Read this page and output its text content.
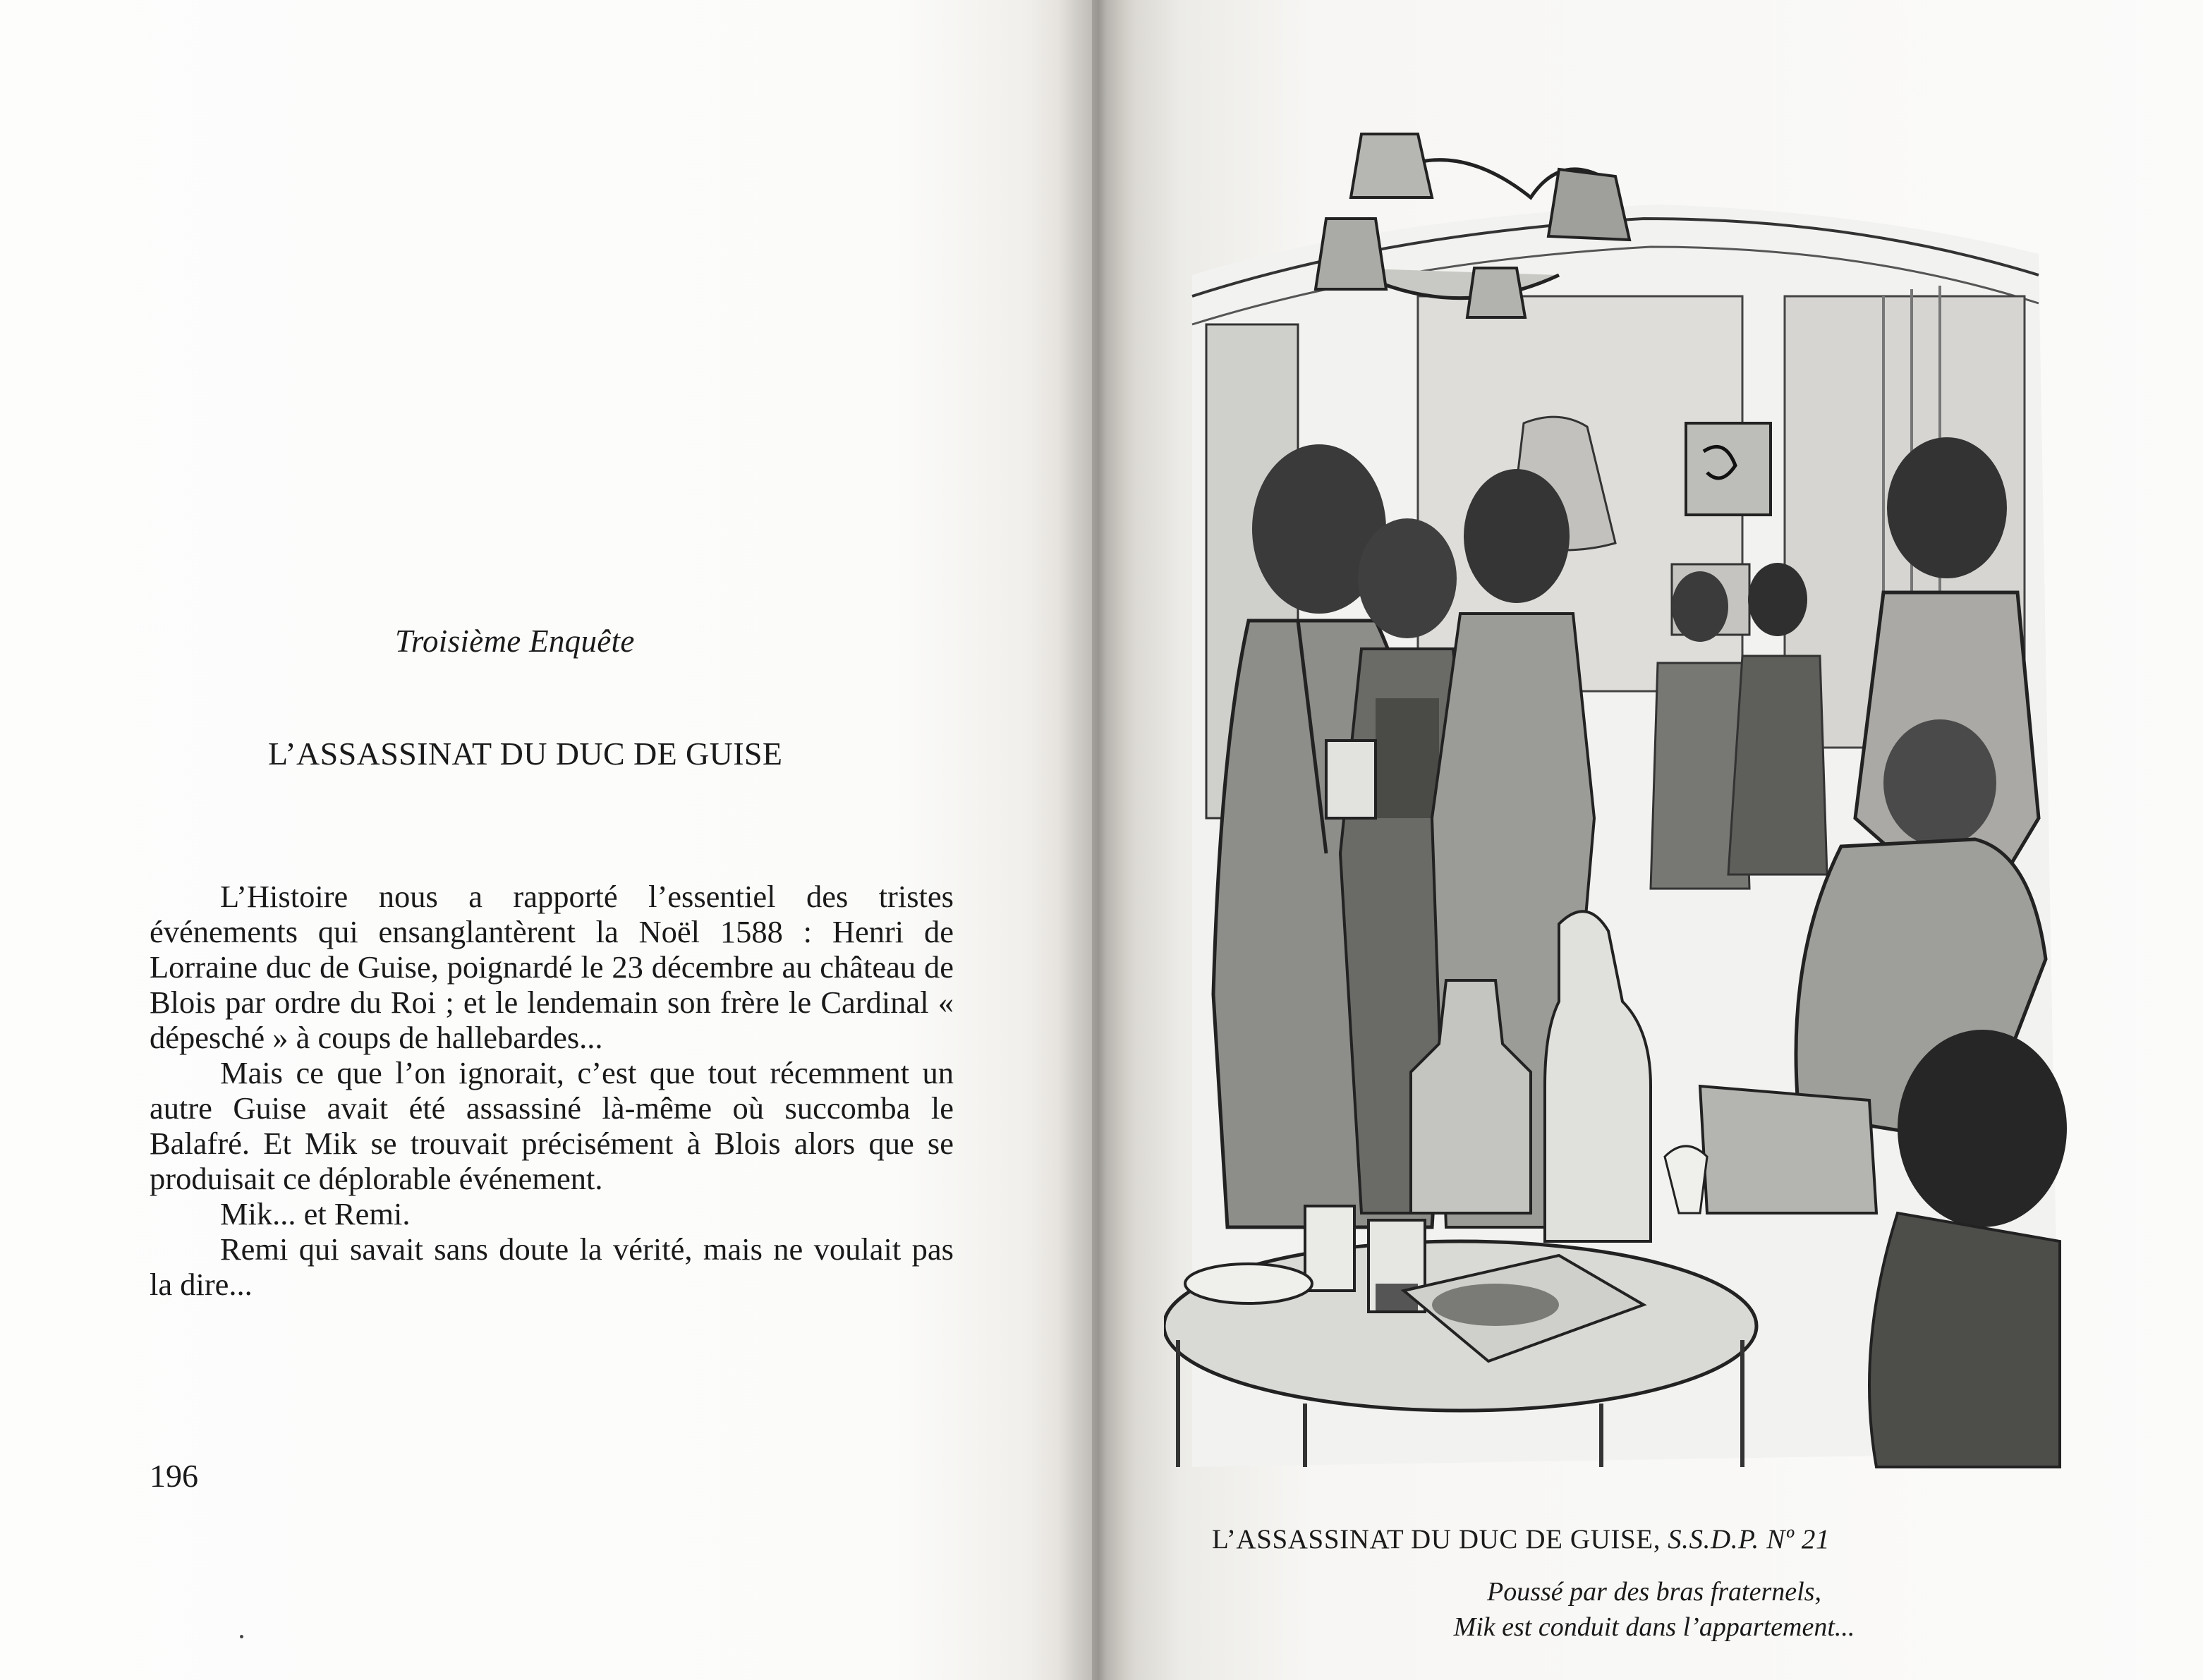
Troisième Enquête
L’ASSASSINAT DU DUC DE GUISE

L’Histoire nous a rapporté l’essentiel des tristes événements qui ensanglantèrent la Noël 1588 : Henri de Lorraine duc de Guise, poignardé le 23 décembre au château de Blois par ordre du Roi ; et le lendemain son frère le Cardinal « dépesché » à coups de hallebardes...

Mais ce que l’on ignorait, c’est que tout récemment un autre Guise avait été assassiné là-même où succomba le Balafré. Et Mik se trouvait précisément à Blois alors que se produisait ce déplorable événement.

Mik... et Remi.

Remi qui savait sans doute la vérité, mais ne voulait pas la dire...

196
L’ASSASSINAT DU DUC DE GUISE, S.S.D.P. Nº 21
Poussé par des bras fraternels,
Mik est conduit dans l’appartement...
